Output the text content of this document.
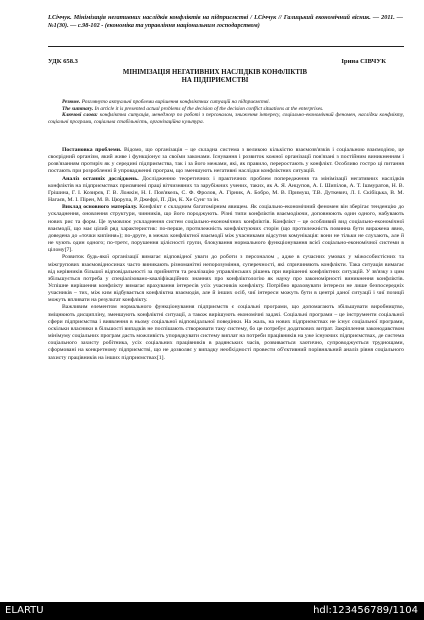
І.Січчук. Мінімізація негативних наслідків конфліктів на підприємстві / І.Січчук // Галицький економічний вісник. — 2011. — №1(30). — с.98-102 - (економіка та управління національним господарством)
УДК 658.3	Ірина СІВЧУК
МІНІМІЗАЦІЯ НЕГАТИВНИХ НАСЛІДКІВ КОНФЛІКТІВ
НА ПІДПРИЄМСТВІ

Резюме. Розглянуто актуальні проблеми вирішення конфліктних ситуацій на підприємстві.

The summary. In article it is presented actual problems of the decision of the decision conflict situations at the enterprises.

Ключові слова: конфліктна ситуація, менеджер по роботі з персоналом, зниження інтересу, соціально-економічний феномен, наслідки конфлікту, соціальні програми, соціальна стабільність, організаційна культура.

Постановка проблеми. Відомо, що організація – це складна система з великою кількістю взаємозв'язків і соціальною взаємодією, це своєрідний організм, який живе і функціонує за своїми законами. Існування і розвиток кожної організації пов'язані з постійним виникненням і розв'язанням протиріч як у середині підприємства, так і за його межами, які, як правило, переростають у конфлікт. Особливо гостро ці питання постають при розробленні й упровадженні програм, що зменшують негативні наслідки конфліктних ситуацій.

Аналіз останніх досліджень. Дослідженню теоретичних і практичних проблем попередження та мінімізації негативних наслідків конфліктів на підприємствах присвячені праці вітчизняних та зарубіжних учених, таких, як А. Я. Анцупов, А. І. Шипілов, А. Т. Ішмуратов, Н. В. Грішина, Г. І. Козирєв, Г. В. Ложкін, Н. І. Пов'якель, С. Ф. Фролов, А. Гірник, А. Бобро, М. В. Примуш, Т.В. Дуткевич, Л. І. Скібіцька, В. М. Нагаєв, М. І. Пірен, М. В. Цюрупа, Р. Джефрі, П. Дін, К. Хе Сунг та ін.

Виклад основного матеріалу. Конфлікт є складним багатомірним явищем. Як соціально-економічний феномен він зберігає тенденцію до ускладнення, оновлення структури, чинників, що його породжують. Різні типи конфліктів взаємодіючи, доповнюють один одного, набувають нових рис та форм. Це зумовлює ускладнення систем соціально-економічних конфліктів. Конфлікт – це особливий вид соціально-економічної взаємодії, що має цілий ряд характеристик: по-перше, протилежність конфліктуючих сторін (що протилежність повинна бути виражена явно, доведена до «точки кипіння»); по-друге, в межах конфліктної взаємодії між учасниками відсутня комунікація: вони не тільки не слухають, але й не чують один одного; по-третє, порушення цілісності групи, блокування нормального функціонування всієї соціально-економічної системи в цілому[7].

Розвиток будь-якої організації вимагає відповідної уваги до роботи з персоналом , адже в сучасних умовах у міжособистісних та міжгрупових взаємовідносинах часто виникають різноманітні непорозуміння, суперечності, які спричиняють конфлікти. Така ситуація вимагає від керівників більшої відповідальності за прийняття та реалізацію управлінських рішень при вирішенні конфліктних ситуацій. У зв'язку з цим збільшується потреба у спеціалізовано-кваліфікаційних знаннях про конфліктологію як науку про закономірності виникнення конфліктів. Успішне вирішення конфлікту вимагає врахування інтересів усіх учасників конфлікту. Потрібно враховувати інтереси не лише безпосередніх учасників – тих, між ким відбувається конфліктна взаємодія, але й інших осіб, чиї інтереси можуть бути в центрі даної ситуації і чиї позиції можуть впливати на результат конфлікту.

Важливим елементом нормального функціонування підприємств є соціальні програми, що допомагають збільшувати виробництво, зміцнюють дисципліну, зменшують конфліктні ситуації, а також вирішують економічні задачі. Соціальні програми – це інструменти соціальної сфери підприємства і виявлення в ньому соціальної відповідальної поведінки. На жаль, на нових підприємствах не існує соціальної програми, оскільки власники в більшості випадків не поспішають створювати таку систему, бо це потребує додаткових витрат. Закріплення законодавством мінімуму соціальних програм дасть можливість упорядкувати систему виплат на потреби працівників на уже існуючих підприємствах, де система соціального захисту робітника, усіх соціальних працівників в радянських часів, розвивається хаотично, супроводжується труднощами, сформовані на конкретному підприємстві, що не дозволяє у випадку необхідності провести об'єктивний порівняльний аналіз рівня соціального захисту працівників на інших підприємствах[1].

ELARTU	hdl:123456789/1104
